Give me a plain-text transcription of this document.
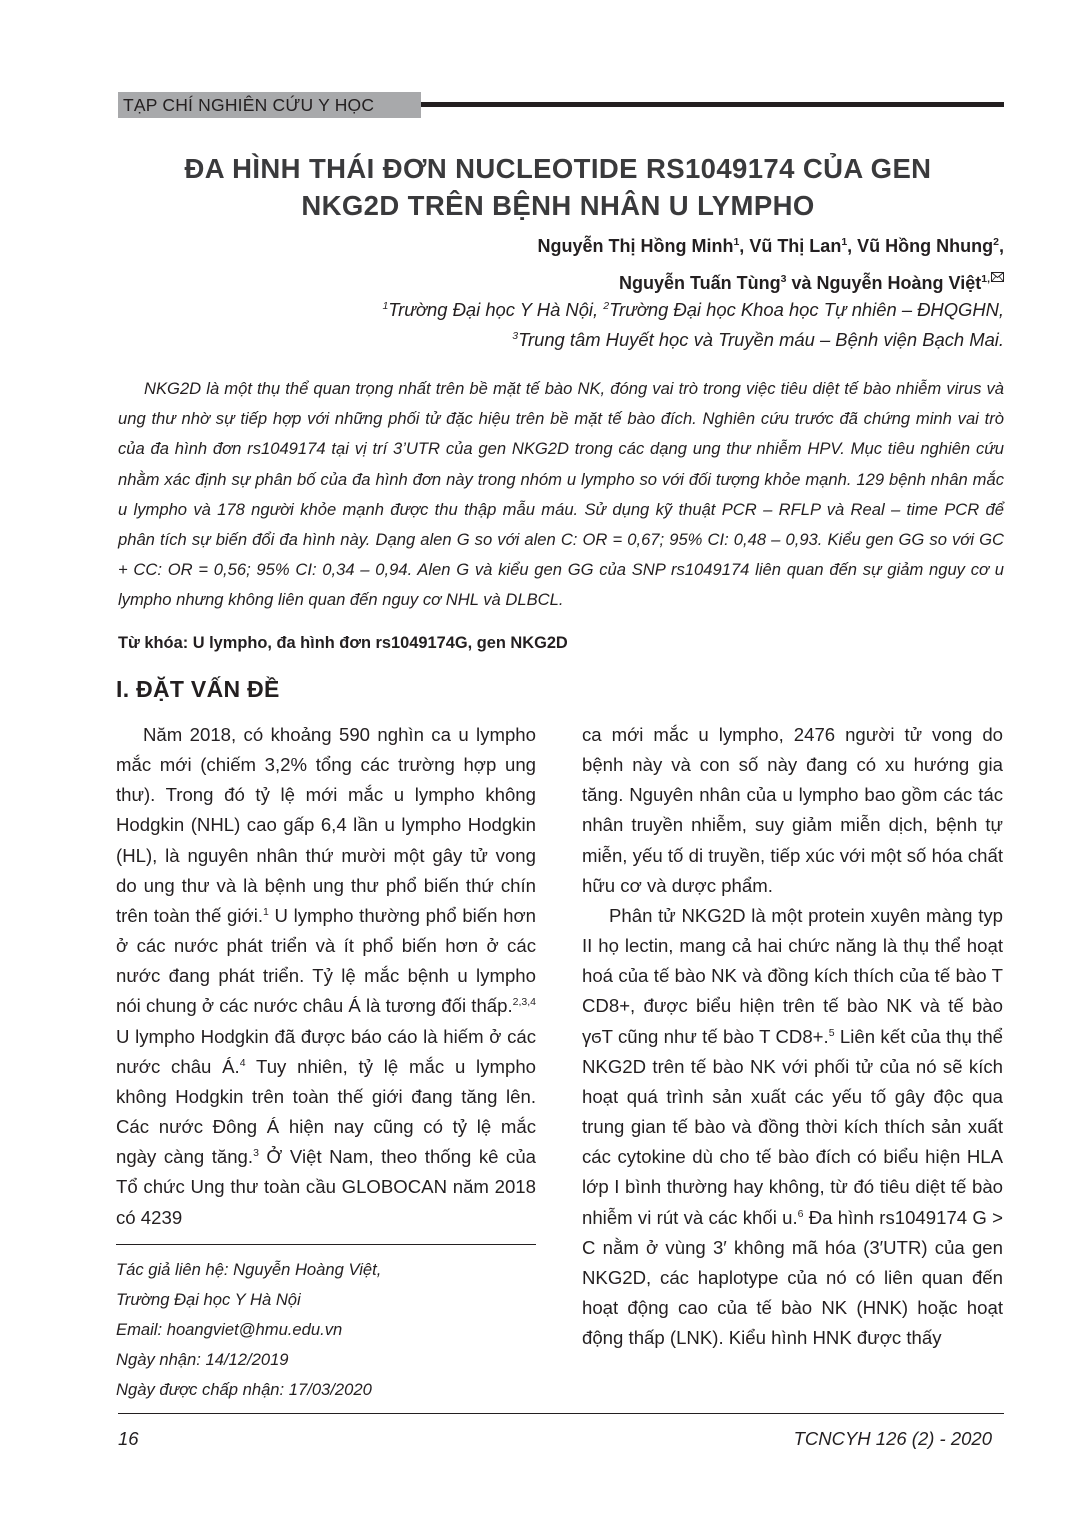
TẠP CHÍ NGHIÊN CỨU Y HỌC
ĐA HÌNH THÁI ĐƠN NUCLEOTIDE RS1049174 CỦA GEN
NKG2D TRÊN BỆNH NHÂN U LYMPHO
Nguyễn Thị Hồng Minh$^1$, Vũ Thị Lan$^1$, Vũ Hồng Nhung$^2$,
Nguyễn Tuấn Tùng$^3$ và Nguyễn Hoàng Việt$^{1,}$
$^1$Trường Đại học Y Hà Nội, $^2$Trường Đại học Khoa học Tự nhiên – ĐHQGHN,
$^3$Trung tâm Huyết học và Truyền máu – Bệnh viện Bạch Mai.

NKG2D là một thụ thể quan trọng nhất trên bề mặt tế bào NK, đóng vai trò trong việc tiêu diệt tế bào nhiễm virus và ung thư nhờ sự tiếp hợp với những phối tử đặc hiệu trên bề mặt tế bào đích. Nghiên cứu trước đã chứng minh vai trò của đa hình đơn rs1049174 tại vị trí 3’UTR của gen NKG2D trong các dạng ung thư nhiễm HPV. Mục tiêu nghiên cứu nhằm xác định sự phân bố của đa hình đơn này trong nhóm u lympho so với đối tượng khỏe mạnh. 129 bệnh nhân mắc u lympho và 178 người khỏe mạnh được thu thập mẫu máu. Sử dụng kỹ thuật PCR – RFLP và Real – time PCR để phân tích sự biến đổi đa hình này. Dạng alen G so với alen C: OR = 0,67; 95% CI: 0,48 – 0,93. Kiểu gen GG so với GC + CC: OR = 0,56; 95% CI: 0,34 – 0,94. Alen G và kiểu gen GG của SNP rs1049174 liên quan đến sự giảm nguy cơ u lympho nhưng không liên quan đến nguy cơ NHL và DLBCL.

Từ khóa: U lympho, đa hình đơn rs1049174G, gen NKG2D
I. ĐẶT VẤN ĐỀ

Năm 2018, có khoảng 590 nghìn ca u lympho mắc mới (chiếm 3,2% tổng các trường hợp ung thư). Trong đó tỷ lệ mới mắc u lympho không Hodgkin (NHL) cao gấp 6,4 lần u lympho Hodgkin (HL), là nguyên nhân thứ mười một gây tử vong do ung thư và là bệnh ung thư phổ biến thứ chín trên toàn thế giới.$^1$ U lympho thường phổ biến hơn ở các nước phát triển và ít phổ biến hơn ở các nước đang phát triển. Tỷ lệ mắc bệnh u lympho nói chung ở các nước châu Á là tương đối thấp.$^{2,3,4}$ U lympho Hodgkin đã được báo cáo là hiếm ở các nước châu Á.$^4$ Tuy nhiên, tỷ lệ mắc u lympho không Hodgkin trên toàn thế giới đang tăng lên. Các nước Đông Á hiện nay cũng có tỷ lệ mắc ngày càng tăng.$^3$ Ở Việt Nam, theo thống kê của Tổ chức Ung thư toàn cầu GLOBOCAN năm 2018 có 4239

ca mới mắc u lympho, 2476 người tử vong do bệnh này và con số này đang có xu hướng gia tăng. Nguyên nhân của u lympho bao gồm các tác nhân truyền nhiễm, suy giảm miễn dịch, bệnh tự miễn, yếu tố di truyền, tiếp xúc với một số hóa chất hữu cơ và dược phẩm.

Phân tử NKG2D là một protein xuyên màng typ II họ lectin, mang cả hai chức năng là thụ thể hoạt hoá của tế bào NK và đồng kích thích của tế bào T CD8+, được biểu hiện trên tế bào NK và tế bào γϭT cũng như tế bào T CD8+.$^5$ Liên kết của thụ thể NKG2D trên tế bào NK với phối tử của nó sẽ kích hoạt quá trình sản xuất các yếu tố gây độc qua trung gian tế bào và đồng thời kích thích sản xuất các cytokine dù cho tế bào đích có biểu hiện HLA lớp I bình thường hay không, từ đó tiêu diệt tế bào nhiễm vi rút và các khối u.$^6$ Đa hình rs1049174 G > C nằm ở vùng 3′ không mã hóa (3′UTR) của gen NKG2D, các haplotype của nó có liên quan đến hoạt động cao của tế bào NK (HNK) hoặc hoạt động thấp (LNK). Kiểu hình HNK được thấy

Tác giả liên hệ: Nguyễn Hoàng Việt,
Trường Đại học Y Hà Nội
Email: hoangviet@hmu.edu.vn
Ngày nhận: 14/12/2019
Ngày được chấp nhận: 17/03/2020
16	TCNCYH 126 (2) - 2020
